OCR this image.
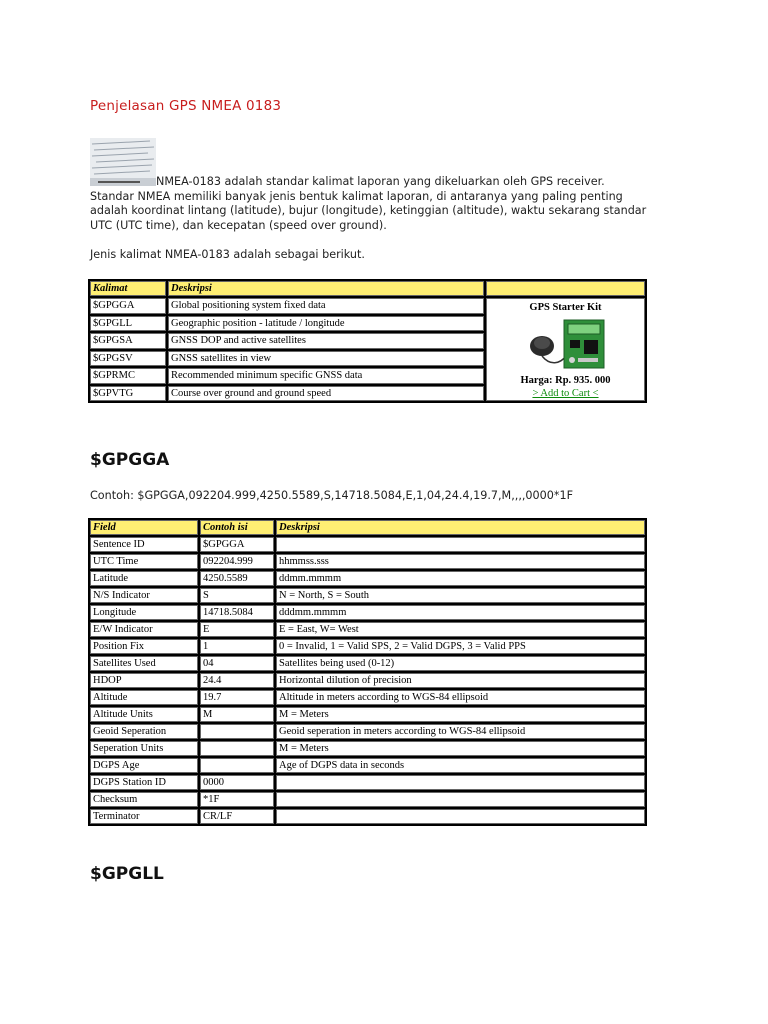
Penjelasan GPS NMEA 0183
NMEA-0183 adalah standar kalimat laporan yang dikeluarkan oleh GPS receiver. Standar NMEA memiliki banyak jenis bentuk kalimat laporan, di antaranya yang paling penting adalah koordinat lintang (latitude), bujur (longitude), ketinggian (altitude), waktu sekarang standar UTC (UTC time), dan kecepatan (speed over ground).
Jenis kalimat NMEA-0183 adalah sebagai berikut.
Kalimat	Deskripsi	
$GPGGA	Global positioning system fixed data	GPS Starter Kit
Harga: Rp. 935. 000
> Add to Cart <

$GPGLL	Geographic position - latitude / longitude	
$GPGSA	GNSS DOP and active satellites	
$GPGSV	GNSS satellites in view	
$GPRMC	Recommended minimum specific GNSS data	
$GPVTG	Course over ground and ground speed	
$GPGGA
Contoh: $GPGGA,092204.999,4250.5589,S,14718.5084,E,1,04,24.4,19.7,M,,,,0000*1F
Field	Contoh isi	Deskripsi
Sentence ID	$GPGGA	
UTC Time	092204.999	hhmmss.sss
Latitude	4250.5589	ddmm.mmmm
N/S Indicator	S	N = North, S = South
Longitude	14718.5084	dddmm.mmmm
E/W Indicator	E	E = East, W= West
Position Fix	1	0 = Invalid, 1 = Valid SPS, 2 = Valid DGPS, 3 = Valid PPS
Satellites Used	04	Satellites being used (0-12)
HDOP	24.4	Horizontal dilution of precision
Altitude	19.7	Altitude in meters according to WGS-84 ellipsoid
Altitude Units	M	M = Meters
Geoid Seperation		Geoid seperation in meters according to WGS-84 ellipsoid
Seperation Units		M = Meters
DGPS Age		Age of DGPS data in seconds
DGPS Station ID	0000	
Checksum	*1F	
Terminator	CR/LF	
$GPGLL
